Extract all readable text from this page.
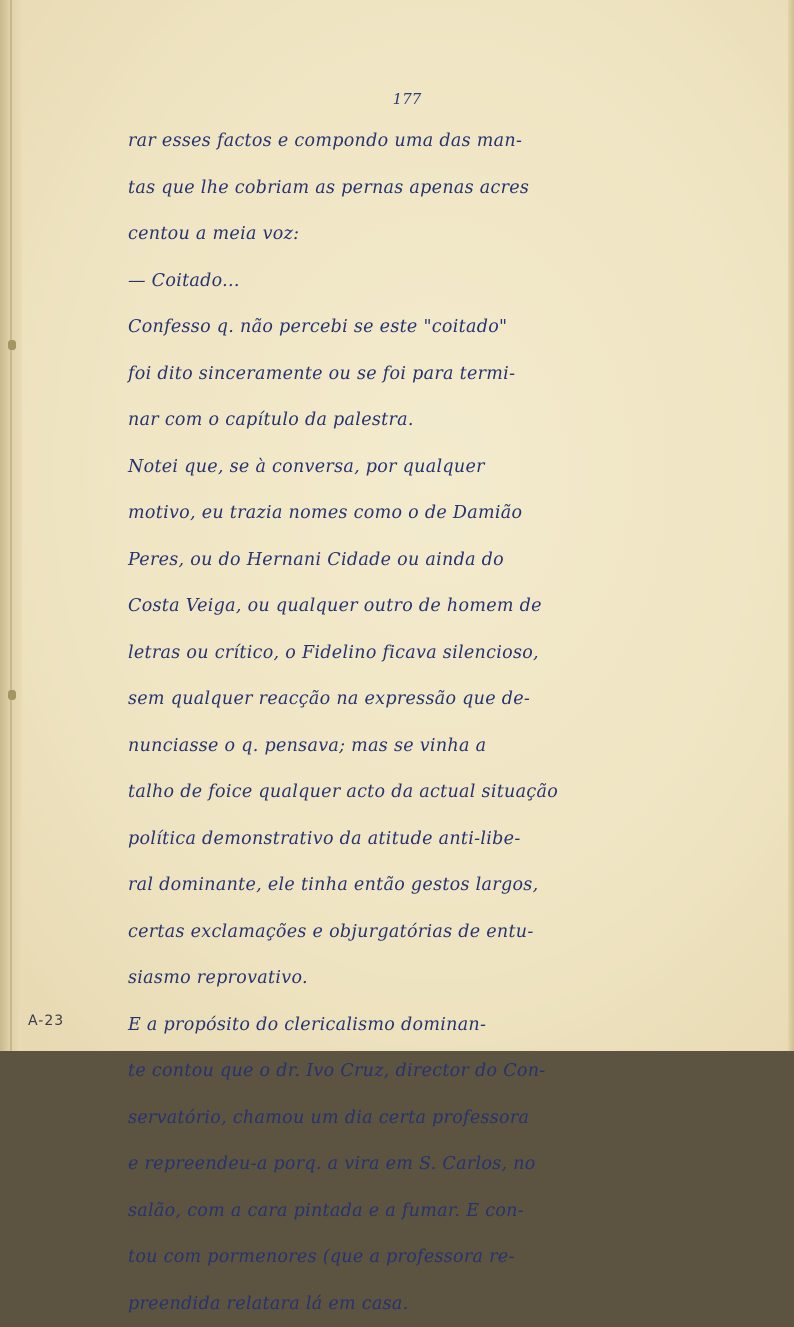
177
rar esses factos e compondo uma das man-
tas que lhe cobriam as pernas apenas acres
centou a meia voz:
— Coitado...
Confesso q. não percebi se este "coitado"
foi dito sinceramente ou se foi para termi-
nar com o capítulo da palestra.
Notei que, se à conversa, por qualquer
motivo, eu trazia nomes como o de Damião
Peres, ou do Hernani Cidade ou ainda do
Costa Veiga, ou qualquer outro de homem de
letras ou crítico, o Fidelino ficava silencioso,
sem qualquer reacção na expressão que de-
nunciasse o q. pensava; mas se vinha a
talho de foice qualquer acto da actual situação
política demonstrativo da atitude anti-libe-
ral dominante, ele tinha então gestos largos,
certas exclamações e objurgatórias de entu-
siasmo reprovativo.
E a propósito do clericalismo dominan-
te contou que o dr. Ivo Cruz, director do Con-
servatório, chamou um dia certa professora
e repreendeu-a porq. a vira em S. Carlos, no
salão, com a cara pintada e a fumar. E con-
tou com pormenores (que a professora re-
preendida relatara lá em casa.
A-23
